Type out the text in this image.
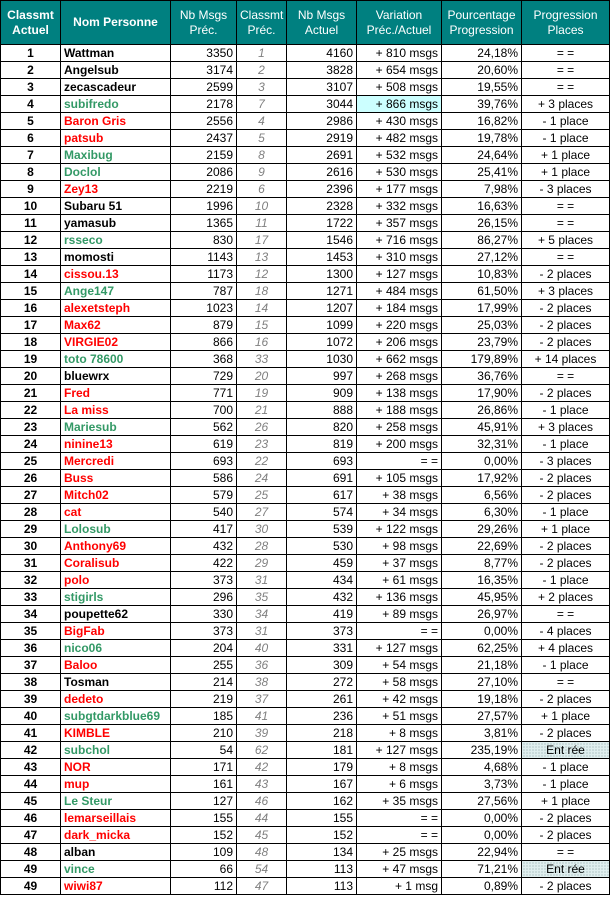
Classmt Actuel	Nom Personne	Nb Msgs Préc.	Classmt Préc.	Nb Msgs Actuel	Variation Préc./Actuel	Pourcentage Progression	Progression Places
1	Wattman	3350	1	4160	+ 810 msgs	24,18%	= =
2	Angelsub	3174	2	3828	+ 654 msgs	20,60%	= =
3	zecascadeur	2599	3	3107	+ 508 msgs	19,55%	= =
4	subifredo	2178	7	3044	+ 866 msgs	39,76%	+ 3 places
5	Baron Gris	2556	4	2986	+ 430 msgs	16,82%	- 1 place
6	patsub	2437	5	2919	+ 482 msgs	19,78%	- 1 place
7	Maxibug	2159	8	2691	+ 532 msgs	24,64%	+ 1 place
8	Doclol	2086	9	2616	+ 530 msgs	25,41%	+ 1 place
9	Zey13	2219	6	2396	+ 177 msgs	7,98%	- 3 places
10	Subaru 51	1996	10	2328	+ 332 msgs	16,63%	= =
11	yamasub	1365	11	1722	+ 357 msgs	26,15%	= =
12	rsseco	830	17	1546	+ 716 msgs	86,27%	+ 5 places
13	momosti	1143	13	1453	+ 310 msgs	27,12%	= =
14	cissou.13	1173	12	1300	+ 127 msgs	10,83%	- 2 places
15	Ange147	787	18	1271	+ 484 msgs	61,50%	+ 3 places
16	alexetsteph	1023	14	1207	+ 184 msgs	17,99%	- 2 places
17	Max62	879	15	1099	+ 220 msgs	25,03%	- 2 places
18	VIRGIE02	866	16	1072	+ 206 msgs	23,79%	- 2 places
19	toto 78600	368	33	1030	+ 662 msgs	179,89%	+ 14 places
20	bluewrx	729	20	997	+ 268 msgs	36,76%	= =
21	Fred	771	19	909	+ 138 msgs	17,90%	- 2 places
22	La miss	700	21	888	+ 188 msgs	26,86%	- 1 place
23	Mariesub	562	26	820	+ 258 msgs	45,91%	+ 3 places
24	ninine13	619	23	819	+ 200 msgs	32,31%	- 1 place
25	Mercredi	693	22	693	= =	0,00%	- 3 places
26	Buss	586	24	691	+ 105 msgs	17,92%	- 2 places
27	Mitch02	579	25	617	+ 38 msgs	6,56%	- 2 places
28	cat	540	27	574	+ 34 msgs	6,30%	- 1 place
29	Lolosub	417	30	539	+ 122 msgs	29,26%	+ 1 place
30	Anthony69	432	28	530	+ 98 msgs	22,69%	- 2 places
31	Coralisub	422	29	459	+ 37 msgs	8,77%	- 2 places
32	polo	373	31	434	+ 61 msgs	16,35%	- 1 place
33	stigirls	296	35	432	+ 136 msgs	45,95%	+ 2 places
34	poupette62	330	34	419	+ 89 msgs	26,97%	= =
35	BigFab	373	31	373	= =	0,00%	- 4 places
36	nico06	204	40	331	+ 127 msgs	62,25%	+ 4 places
37	Baloo	255	36	309	+ 54 msgs	21,18%	- 1 place
38	Tosman	214	38	272	+ 58 msgs	27,10%	= =
39	dedeto	219	37	261	+ 42 msgs	19,18%	- 2 places
40	subgtdarkblue69	185	41	236	+ 51 msgs	27,57%	+ 1 place
41	KIMBLE	210	39	218	+ 8 msgs	3,81%	- 2 places
42	subchol	54	62	181	+ 127 msgs	235,19%	Ent rée
43	NOR	171	42	179	+ 8 msgs	4,68%	- 1 place
44	mup	161	43	167	+ 6 msgs	3,73%	- 1 place
45	Le Steur	127	46	162	+ 35 msgs	27,56%	+ 1 place
46	lemarseillais	155	44	155	= =	0,00%	- 2 places
47	dark_micka	152	45	152	= =	0,00%	- 2 places
48	alban	109	48	134	+ 25 msgs	22,94%	= =
49	vince	66	54	113	+ 47 msgs	71,21%	Ent rée
49	wiwi87	112	47	113	+ 1 msg	0,89%	- 2 places
